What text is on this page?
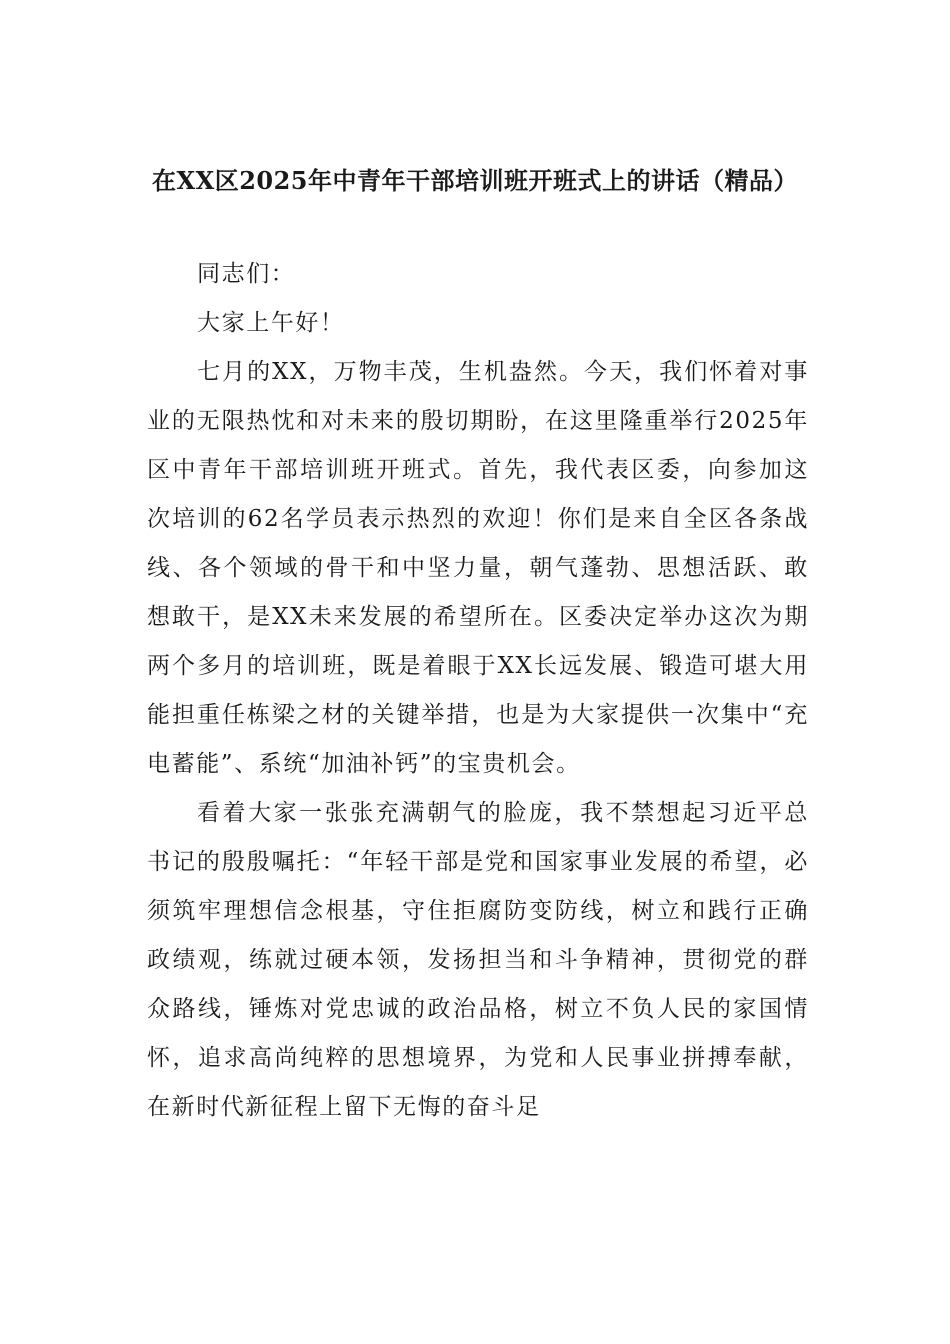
在XX区2025年中青年干部培训班开班式上的讲话（精品）

同志们：

大家上午好！

七月的XX，万物丰茂，生机盎然。今天，我们怀着对事业的无限热忱和对未来的殷切期盼，在这里隆重举行2025年区中青年干部培训班开班式。首先，我代表区委，向参加这次培训的62名学员表示热烈的欢迎！你们是来自全区各条战线、各个领域的骨干和中坚力量，朝气蓬勃、思想活跃、敢想敢干，是XX未来发展的希望所在。区委决定举办这次为期两个多月的培训班，既是着眼于XX长远发展、锻造可堪大用能担重任栋梁之材的关键举措，也是为大家提供一次集中“充电蓄能”、系统“加油补钙”的宝贵机会。

看着大家一张张充满朝气的脸庞，我不禁想起习近平总书记的殷殷嘱托：“年轻干部是党和国家事业发展的希望，必须筑牢理想信念根基，守住拒腐防变防线，树立和践行正确政绩观，练就过硬本领，发扬担当和斗争精神，贯彻党的群众路线，锤炼对党忠诚的政治品格，树立不负人民的家国情怀，追求高尚纯粹的思想境界，为党和人民事业拼搏奉献，在新时代新征程上留下无悔的奋斗足
